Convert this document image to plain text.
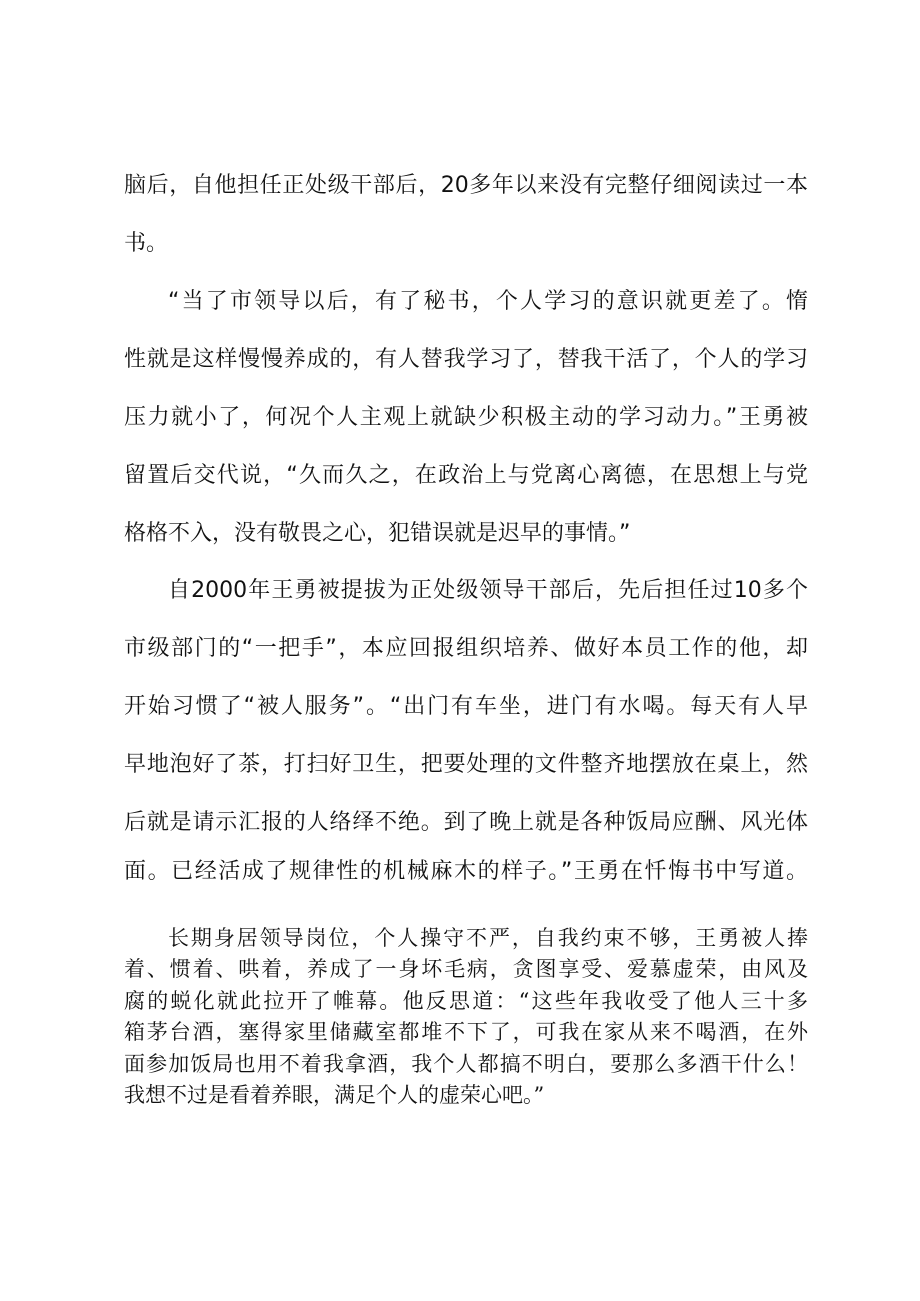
脑后，自他担任正处级干部后，20多年以来没有完整仔细阅读过一本

书。

“当了市领导以后，有了秘书，个人学习的意识就更差了。惰

性就是这样慢慢养成的，有人替我学习了，替我干活了，个人的学习

压力就小了，何况个人主观上就缺少积极主动的学习动力。”王勇被

留置后交代说，“久而久之，在政治上与党离心离德，在思想上与党

格格不入，没有敬畏之心，犯错误就是迟早的事情。”

自2000年王勇被提拔为正处级领导干部后，先后担任过10多个

市级部门的“一把手”，本应回报组织培养、做好本员工作的他，却

开始习惯了“被人服务”。“出门有车坐，进门有水喝。每天有人早

早地泡好了茶，打扫好卫生，把要处理的文件整齐地摆放在桌上，然

后就是请示汇报的人络绎不绝。到了晚上就是各种饭局应酬、风光体

面。已经活成了规律性的机械麻木的样子。”王勇在忏悔书中写道。

长期身居领导岗位，个人操守不严，自我约束不够，王勇被人捧

着、惯着、哄着，养成了一身坏毛病，贪图享受、爱慕虚荣，由风及

腐的蜕化就此拉开了帷幕。他反思道：“这些年我收受了他人三十多

箱茅台酒，塞得家里储藏室都堆不下了，可我在家从来不喝酒，在外

面参加饭局也用不着我拿酒，我个人都搞不明白，要那么多酒干什么！

我想不过是看着养眼，满足个人的虚荣心吧。”
